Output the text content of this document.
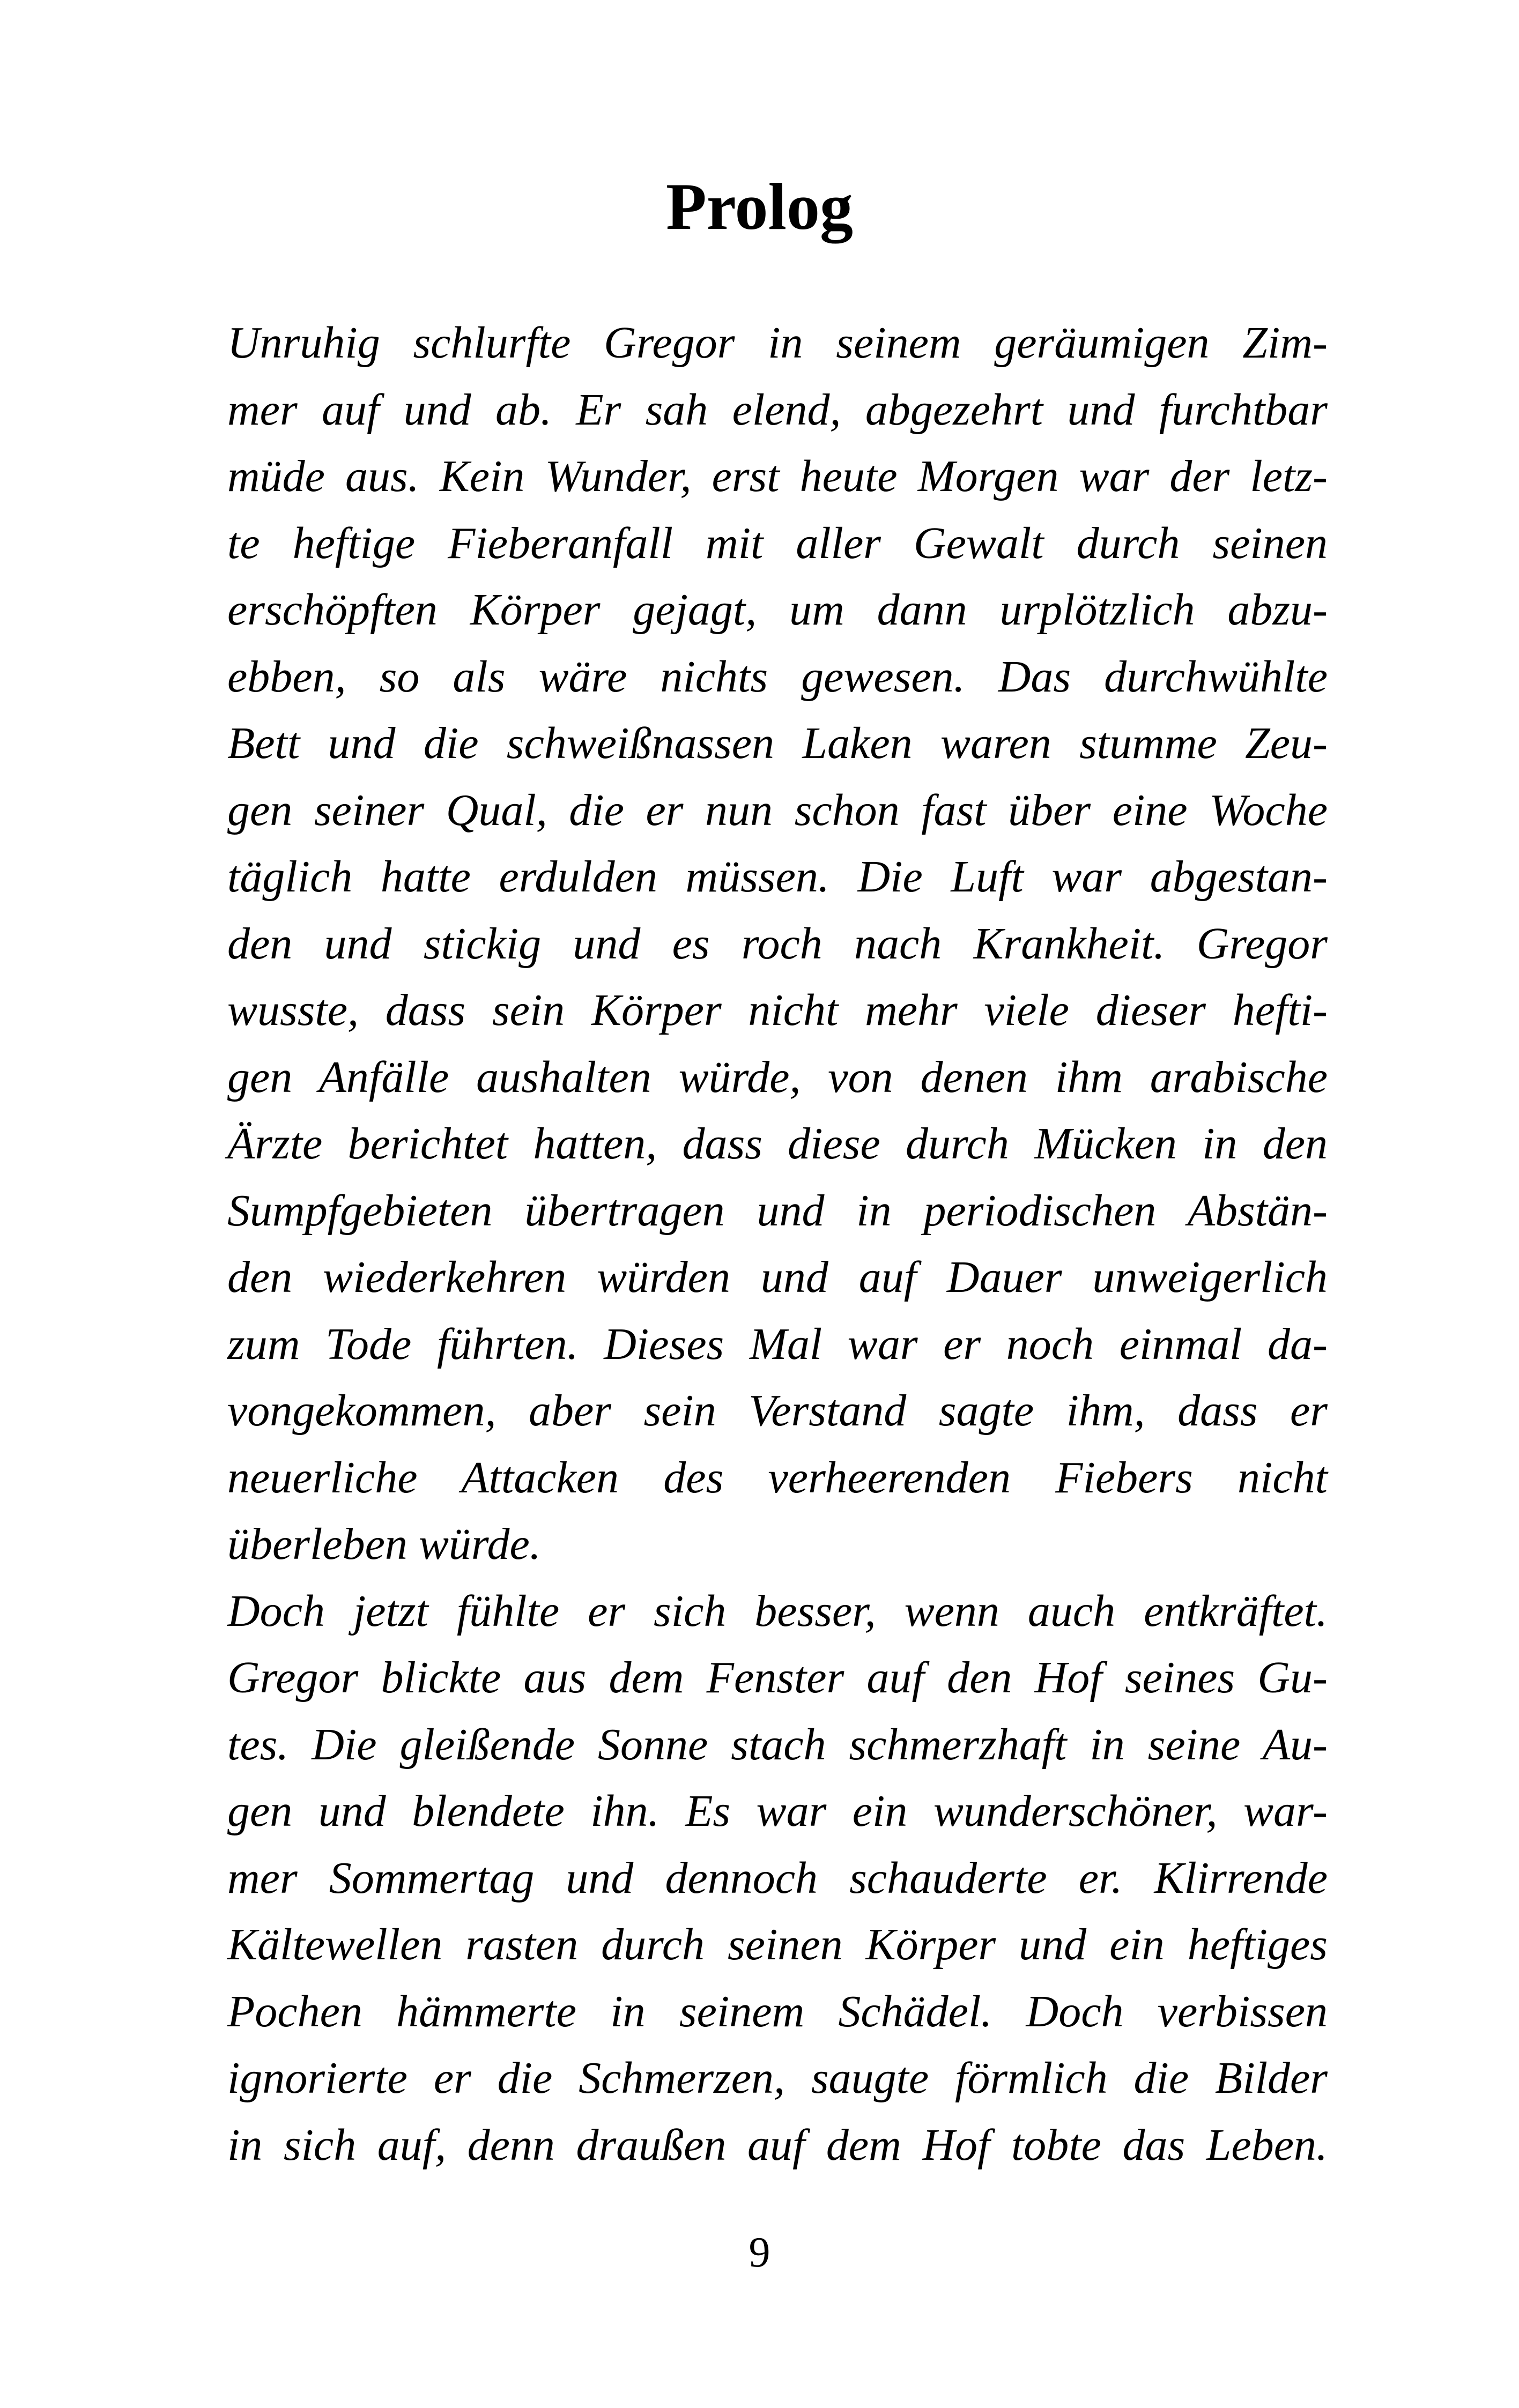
Prolog
Unruhig schlurfte Gregor in seinem geräumigen Zim-
mer auf und ab. Er sah elend, abgezehrt und furchtbar
müde aus. Kein Wunder, erst heute Morgen war der letz-
te heftige Fieberanfall mit aller Gewalt durch seinen
erschöpften Körper gejagt, um dann urplötzlich abzu-
ebben, so als wäre nichts gewesen. Das durchwühlte
Bett und die schweißnassen Laken waren stumme Zeu-
gen seiner Qual, die er nun schon fast über eine Woche
täglich hatte erdulden müssen. Die Luft war abgestan-
den und stickig und es roch nach Krankheit. Gregor
wusste, dass sein Körper nicht mehr viele dieser hefti-
gen Anfälle aushalten würde, von denen ihm arabische
Ärzte berichtet hatten, dass diese durch Mücken in den
Sumpfgebieten übertragen und in periodischen Abstän-
den wiederkehren würden und auf Dauer unweigerlich
zum Tode führten. Dieses Mal war er noch einmal da-
vongekommen, aber sein Verstand sagte ihm, dass er
neuerliche Attacken des verheerenden Fiebers nicht
überleben würde.
Doch jetzt fühlte er sich besser, wenn auch entkräftet.
Gregor blickte aus dem Fenster auf den Hof seines Gu-
tes. Die gleißende Sonne stach schmerzhaft in seine Au-
gen und blendete ihn. Es war ein wunderschöner, war-
mer Sommertag und dennoch schauderte er. Klirrende
Kältewellen rasten durch seinen Körper und ein heftiges
Pochen hämmerte in seinem Schädel. Doch verbissen
ignorierte er die Schmerzen, saugte förmlich die Bilder
in sich auf, denn draußen auf dem Hof tobte das Leben.
9
